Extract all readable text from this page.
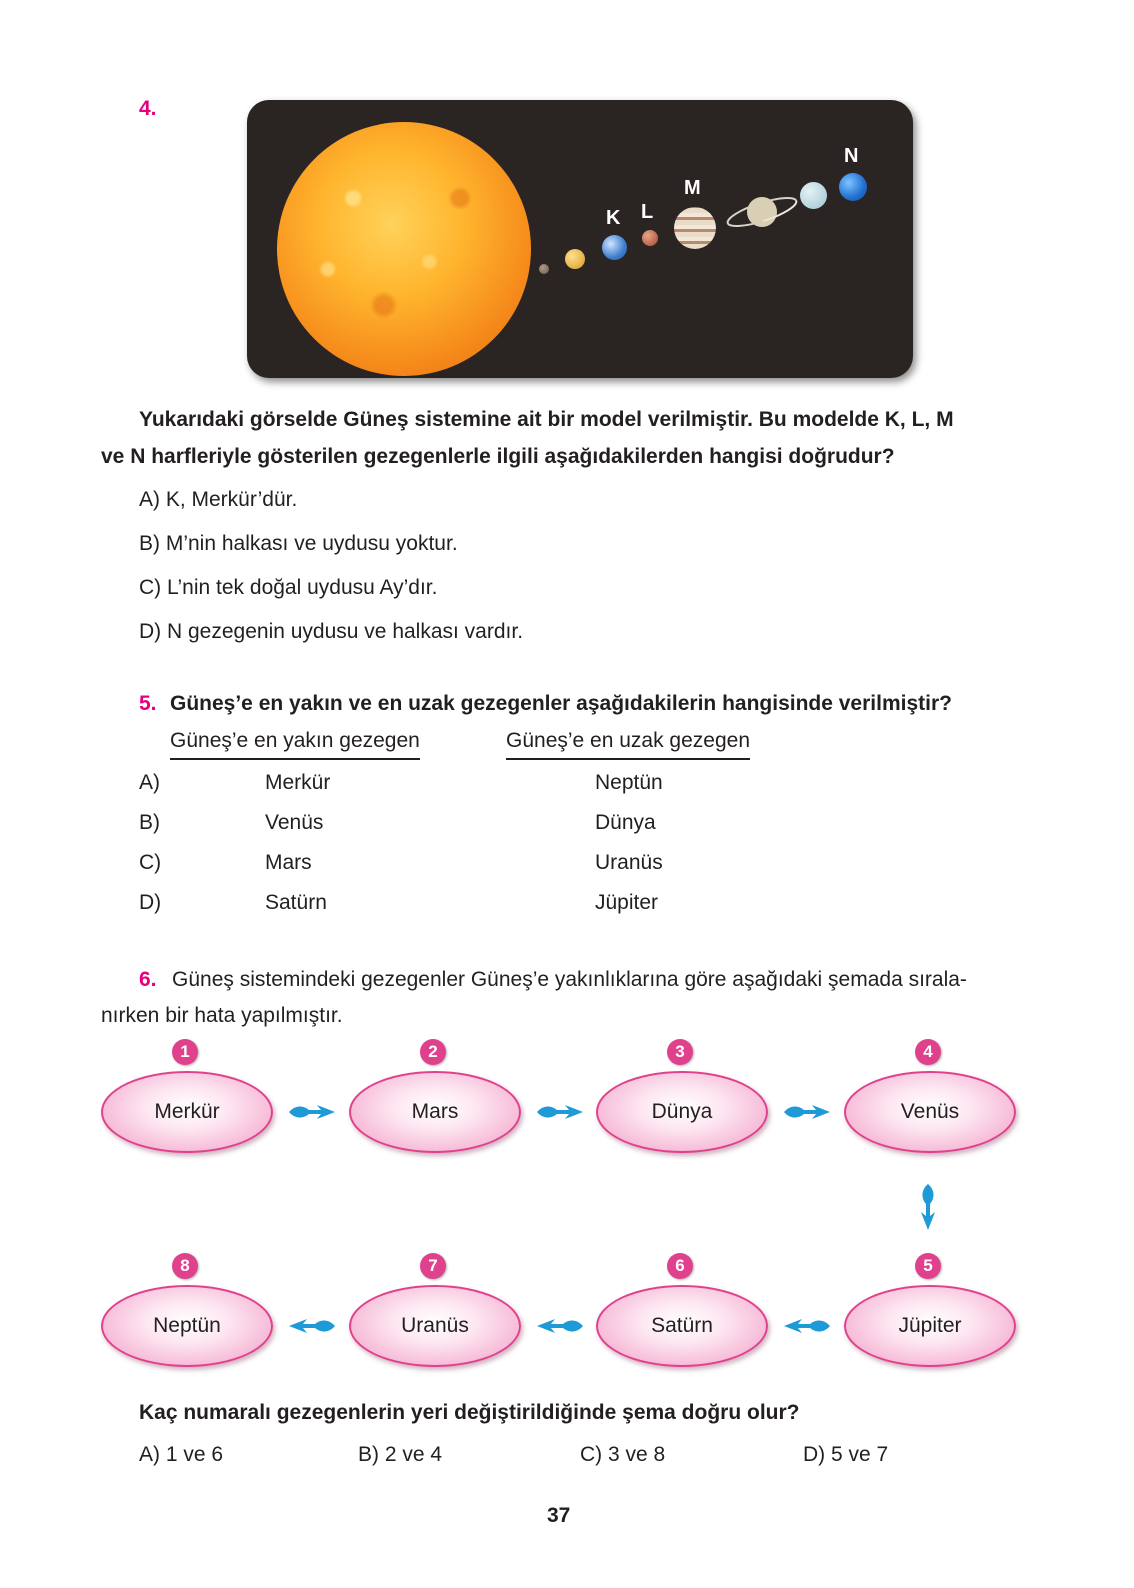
4.
K L
M
N
Yukarıdaki görselde Güneş sistemine ait bir model verilmiştir. Bu modelde K, L, M
ve N harfleriyle gösterilen gezegenlerle ilgili aşağıdakilerden hangisi doğrudur?
A) K, Merkür’dür.
B) M’nin halkası ve uydusu yoktur.
C) L’nin tek doğal uydusu Ay’dır.
D) N gezegenin uydusu ve halkası vardır.
5. Güneş’e en yakın ve en uzak gezegenler aşağıdakilerin hangisinde verilmiştir?
Güneş’e en yakın gezegen	Güneş’e en uzak gezegen
A)	Merkür	Neptün
B)	Venüs	Dünya
C)	Mars	Uranüs
D)	Satürn	Jüpiter
6. Güneş sistemindeki gezegenler Güneş’e yakınlıklarına göre aşağıdaki şemada sırala-
nırken bir hata yapılmıştır.
1
Merkür
2
Mars
3
Dünya
4
Venüs
8
Neptün
7
Uranüs
6
Satürn
5
Jüpiter
Kaç numaralı gezegenlerin yeri değiştirildiğinde şema doğru olur?
A) 1 ve 6	B) 2 ve 4	C) 3 ve 8	D) 5 ve 7
37
